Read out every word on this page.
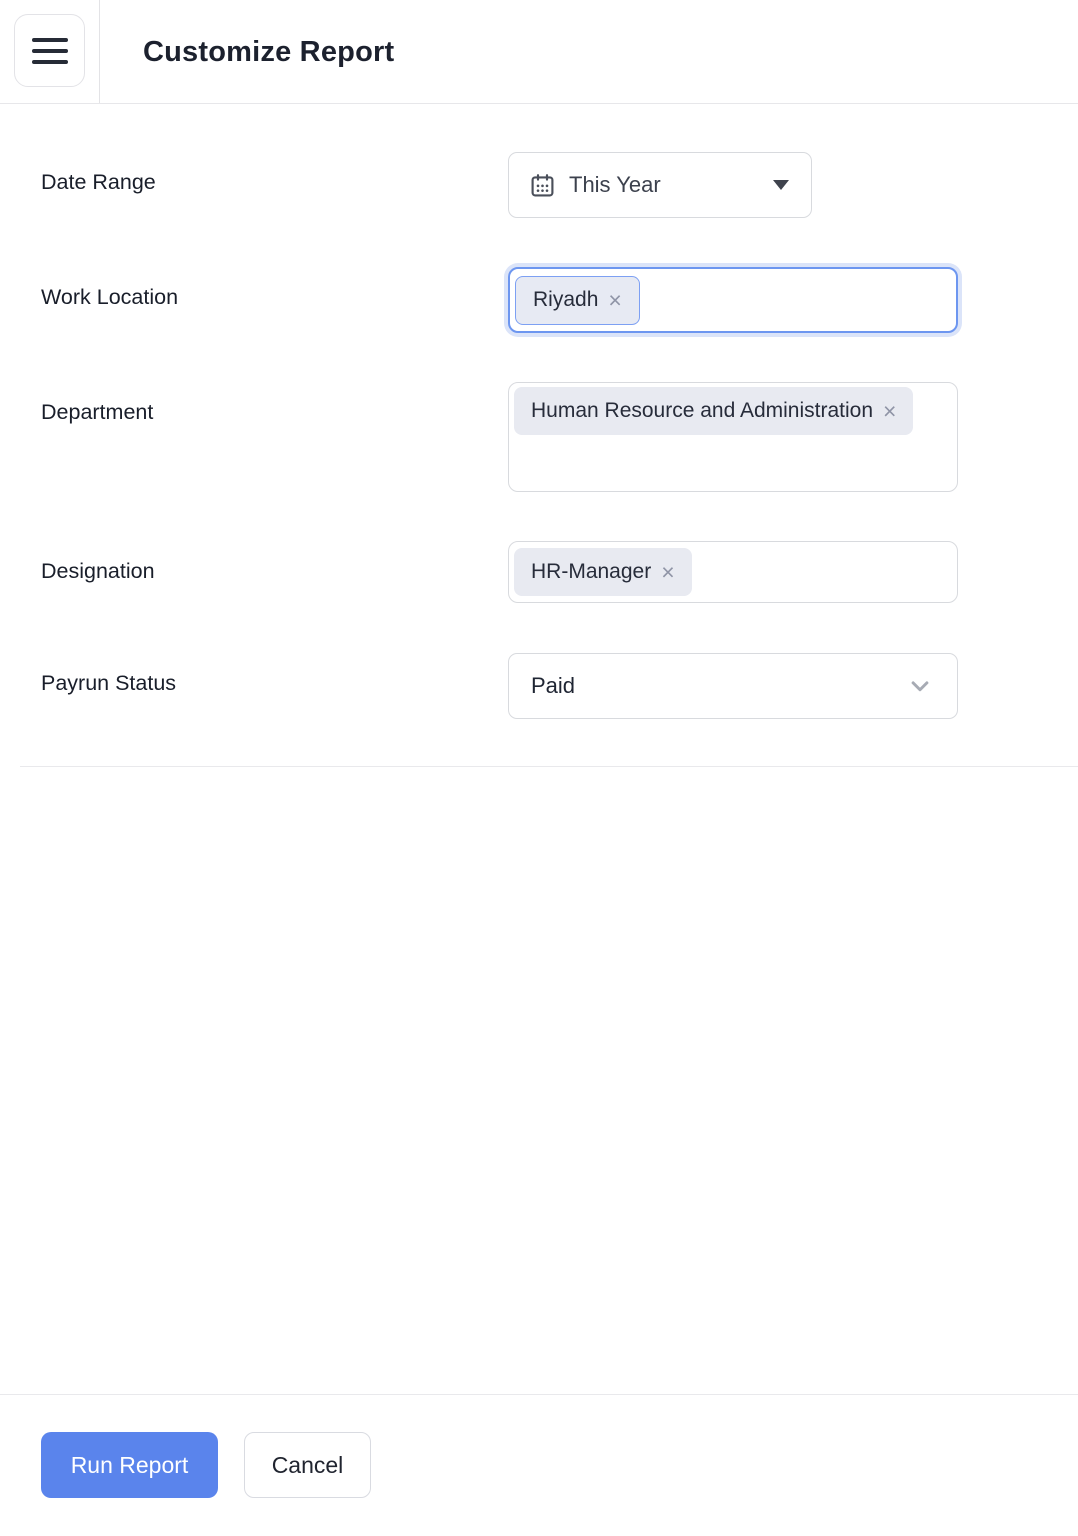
Customize Report
Date Range	This Year
Work Location	Riyadh ×
Department	Human Resource and Administration ×
Designation	HR-Manager ×
Payrun Status	Paid
Run Report	Cancel
